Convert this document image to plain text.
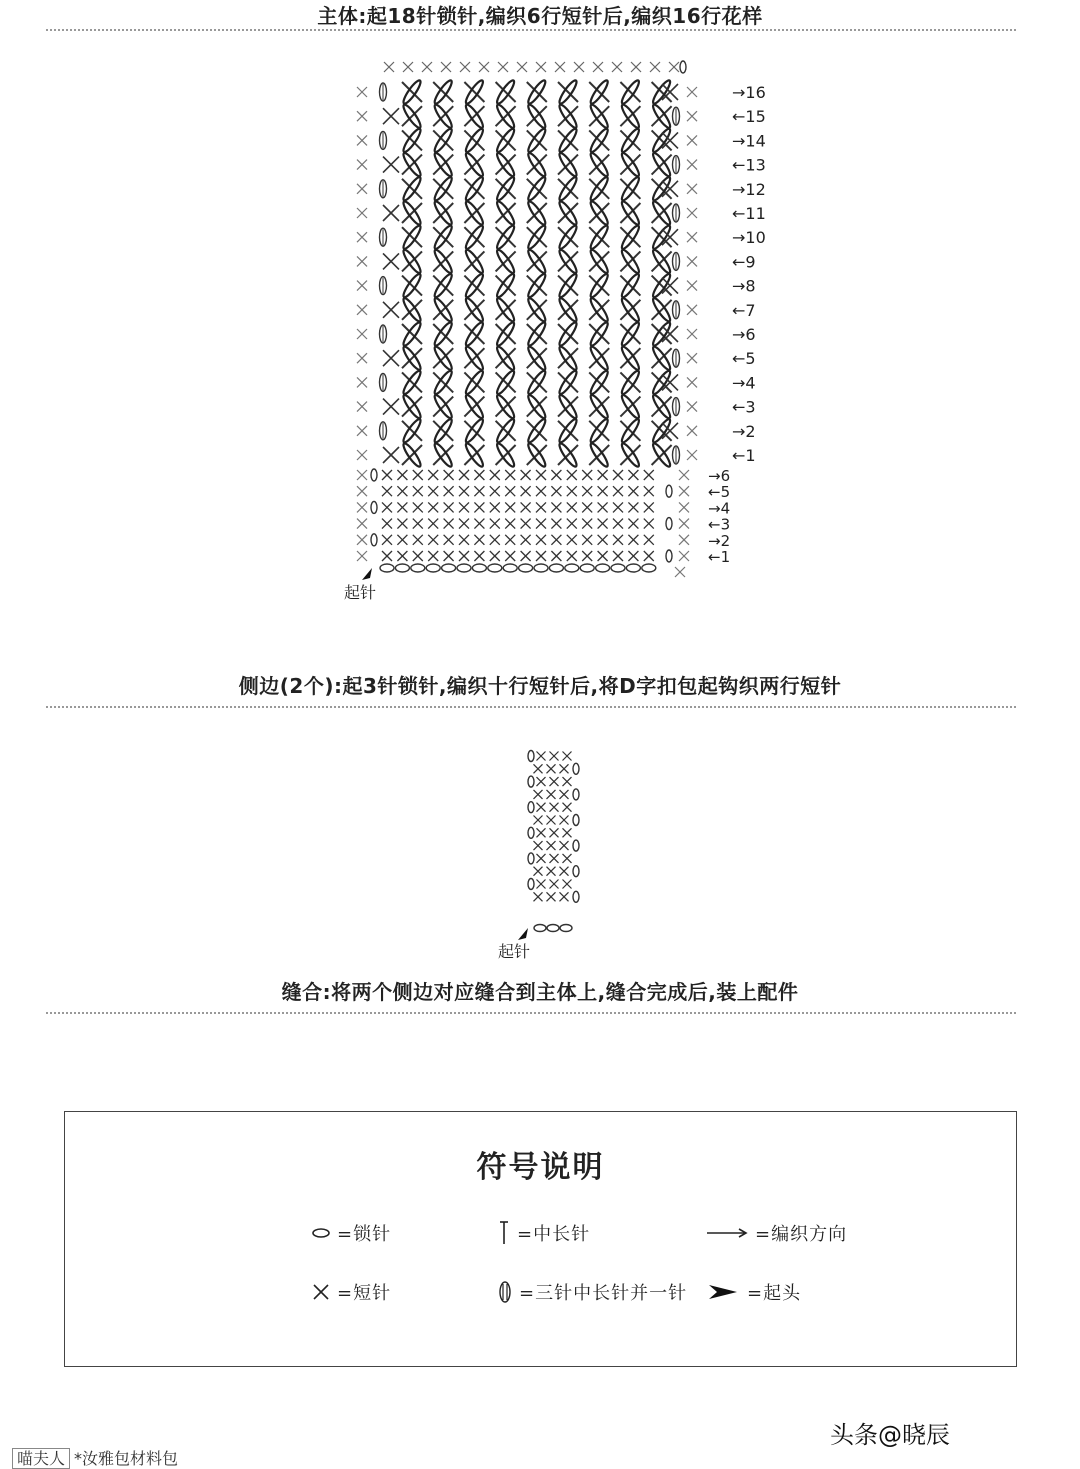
主体:起18针锁针,编织6行短针后,编织16行花样
→16
←15
→14
←13
→12
←11
→10
←9
→8
←7
→6
←5
→4
←3
→2
←1
→6
←5
→4
←3
→2
←1
起针
侧边(2个):起3针锁针,编织十行短针后,将D字扣包起钩织两行短针
起针
缝合:将两个侧边对应缝合到主体上,缝合完成后,装上配件
符号说明
=锁针	=中长针	=编织方向
=短针	=三针中长针并一针	=起头
喵夫人 *汝雅包材料包
头条@晓辰
